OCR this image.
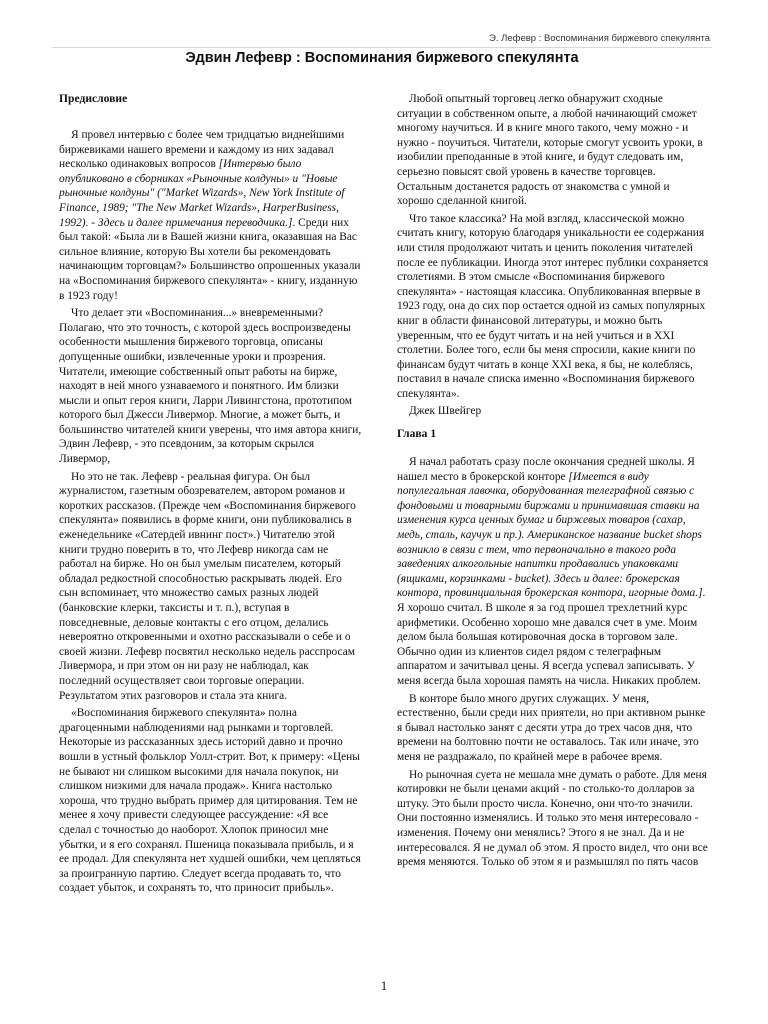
Э. Лефевр : Воспоминания биржевого спекулянта
Эдвин Лефевр : Воспоминания биржевого спекулянта
Предисловие

Я провел интервью с более чем тридцатью виднейшими биржевиками нашего времени и каждому из них задавал несколько одинаковых вопросов [Интервью было опубликовано в сборниках «Рыночные колдуны» и "Новые рыночные колдуны" ("Market Wizards», New York Institute of Finance, 1989; "The New Market Wizards», HarperBusiness, 1992). - Здесь и далее примечания переводчика.]. Среди них был такой: «Была ли в Вашей жизни книга, оказавшая на Вас сильное влияние, которую Вы хотели бы рекомендовать начинающим торговцам?» Большинство опрошенных указали на «Воспоминания биржевого спекулянта» - книгу, изданную в 1923 году!

Что делает эти «Воспоминания...» вневременными? Полагаю, что это точность, с которой здесь воспроизведены особенности мышления биржевого торговца, описаны допущенные ошибки, извлеченные уроки и прозрения. Читатели, имеющие собственный опыт работы на бирже, находят в ней много узнаваемого и понятного. Им близки мысли и опыт героя книги, Ларри Ливингстона, прототипом которого был Джесси Ливермор. Многие, а может быть, и большинство читателей книги уверены, что имя автора книги, Эдвин Лефевр, - это псевдоним, за которым скрылся Ливермор,

Но это не так. Лефевр - реальная фигура. Он был журналистом, газетным обозревателем, автором романов и коротких рассказов. (Прежде чем «Воспоминания биржевого спекулянта» появились в форме книги, они публиковались в еженедельнике «Сатердей ивнинг пост».) Читателю этой книги трудно поверить в то, что Лефевр никогда сам не работал на бирже. Но он был умелым писателем, который обладал редкостной способностью раскрывать людей. Его сын вспоминает, что множество самых разных людей (банковские клерки, таксисты и т. п.), вступая в повседневные, деловые контакты с его отцом, делались невероятно откровенными и охотно рассказывали о себе и о своей жизни. Лефевр посвятил несколько недель расспросам Ливермора, и при этом он ни разу не наблюдал, как последний осуществляет свои торговые операции. Результатом этих разговоров и стала эта книга.

«Воспоминания биржевого спекулянта» полна драгоценными наблюдениями над рынками и торговлей. Некоторые из рассказанных здесь историй давно и прочно вошли в устный фольклор Уолл-стрит. Вот, к примеру: «Цены не бывают ни слишком высокими для начала покупок, ни слишком низкими для начала продаж». Книга настолько хороша, что трудно выбрать пример для цитирования. Тем не менее я хочу привести следующее рассуждение: «Я все сделал с точностью до наоборот. Хлопок приносил мне убытки, и я его сохранял. Пшеница показывала прибыль, и я ее продал. Для спекулянта нет худшей ошибки, чем цепляться за проигранную партию. Следует всегда продавать то, что создает убыток, и сохранять то, что приносит прибыль».

Любой опытный торговец легко обнаружит сходные ситуации в собственном опыте, а любой начинающий сможет многому научиться. И в книге много такого, чему можно - и нужно - поучиться. Читатели, которые смогут усвоить уроки, в изобилии преподанные в этой книге, и будут следовать им, серьезно повысят свой уровень в качестве торговцев. Остальным достанется радость от знакомства с умной и хорошо сделанной книгой.

Что такое классика? На мой взгляд, классической можно считать книгу, которую благодаря уникальности ее содержания или стиля продолжают читать и ценить поколения читателей после ее публикации. Иногда этот интерес публики сохраняется столетиями. В этом смысле «Воспоминания биржевого спекулянта» - настоящая классика. Опубликованная впервые в 1923 году, она до сих пор остается одной из самых популярных книг в области финансовой литературы, и можно быть уверенным, что ее будут читать и на ней учиться и в XXI столетии. Более того, если бы меня спросили, какие книги по финансам будут читать в конце XXI века, я бы, не колеблясь, поставил в начале списка именно «Воспоминания биржевого спекулянта».

Джек Швейгер

Глава 1

Я начал работать сразу после окончания средней школы. Я нашел место в брокерской конторе [Имеется в виду популегальная лавочка, оборудованная телеграфной связью с фондовыми и товарными биржами и принимавшая ставки на изменения курса ценных бумаг и биржевых товаров (сахар, медь, сталь, каучук и пр.). Американское название bucket shops возникло в связи с тем, что первоначально в такого рода заведениях алкогольные напитки продавались упаковками (ящиками, корзинками - bucket). Здесь и далее: брокерская контора, провинциальная брокерская контора, игорные дома.]. Я хорошо считал. В школе я за год прошел трехлетний курс арифметики. Особенно хорошо мне давался счет в уме. Моим делом была большая котировочная доска в торговом зале. Обычно один из клиентов сидел рядом с телеграфным аппаратом и зачитывал цены. Я всегда успевал записывать. У меня всегда была хорошая память на числа. Никаких проблем.

В конторе было много других служащих. У меня, естественно, были среди них приятели, но при активном рынке я бывал настолько занят с десяти утра до трех часов дня, что времени на болтовню почти не оставалось. Так или иначе, это меня не раздражало, по крайней мере в рабочее время.

Но рыночная суета не мешала мне думать о работе. Для меня котировки не были ценами акций - по столько-то долларов за штуку. Это были просто числа. Конечно, они что-то значили. Они постоянно изменялись. И только это меня интересовало - изменения. Почему они менялись? Этого я не знал. Да и не интересовался. Я не думал об этом. Я просто видел, что они все время меняются. Только об этом я и размышлял по пять часов

1
